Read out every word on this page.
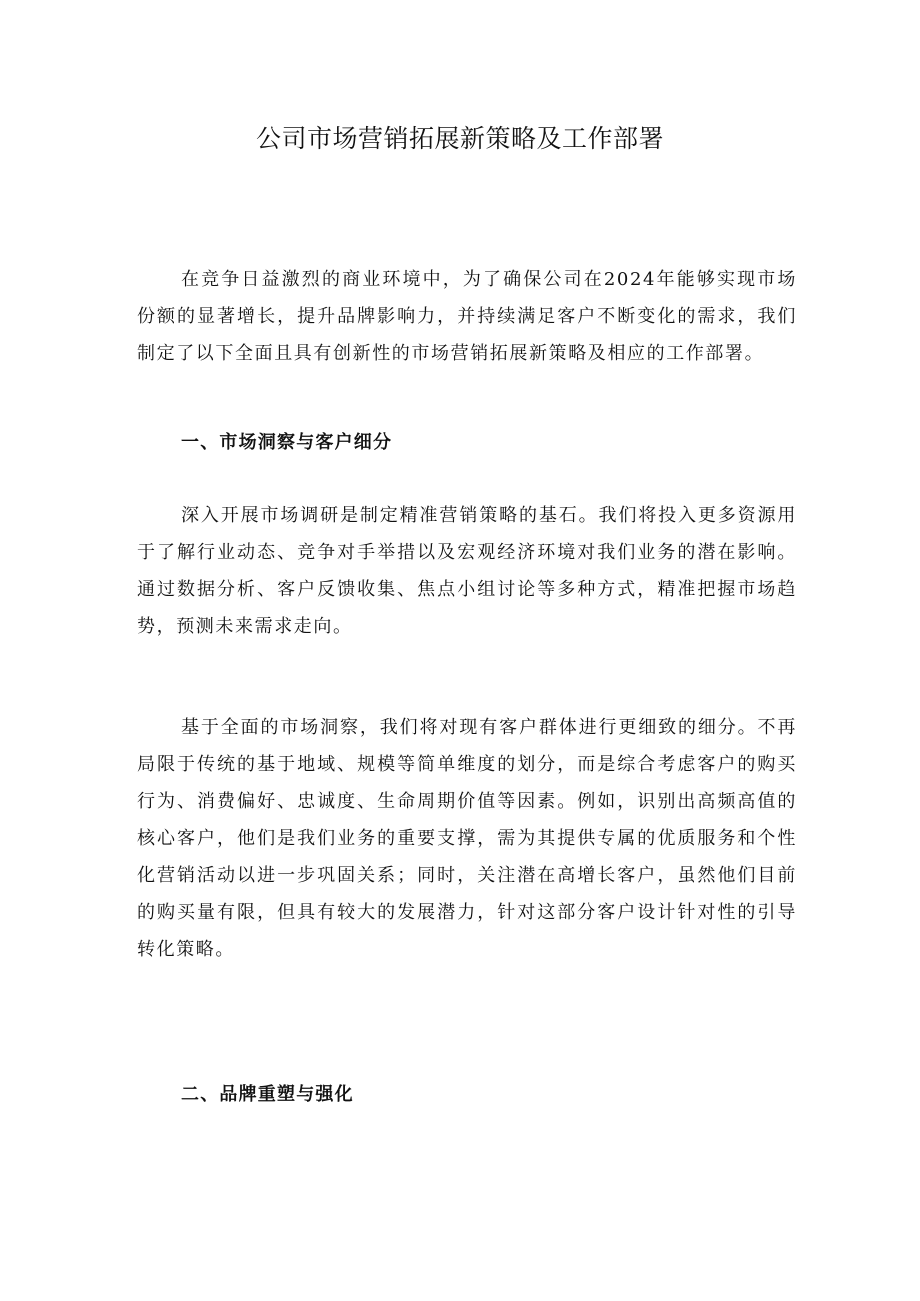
公司市场营销拓展新策略及工作部署

在竞争日益激烈的商业环境中，为了确保公司在2024年能够实现市场份额的显著增长，提升品牌影响力，并持续满足客户不断变化的需求，我们制定了以下全面且具有创新性的市场营销拓展新策略及相应的工作部署。

一、市场洞察与客户细分

深入开展市场调研是制定精准营销策略的基石。我们将投入更多资源用于了解行业动态、竞争对手举措以及宏观经济环境对我们业务的潜在影响。通过数据分析、客户反馈收集、焦点小组讨论等多种方式，精准把握市场趋势，预测未来需求走向。

基于全面的市场洞察，我们将对现有客户群体进行更细致的细分。不再局限于传统的基于地域、规模等简单维度的划分，而是综合考虑客户的购买行为、消费偏好、忠诚度、生命周期价值等因素。例如，识别出高频高值的核心客户，他们是我们业务的重要支撑，需为其提供专属的优质服务和个性化营销活动以进一步巩固关系；同时，关注潜在高增长客户，虽然他们目前的购买量有限，但具有较大的发展潜力，针对这部分客户设计针对性的引导转化策略。

二、品牌重塑与强化
